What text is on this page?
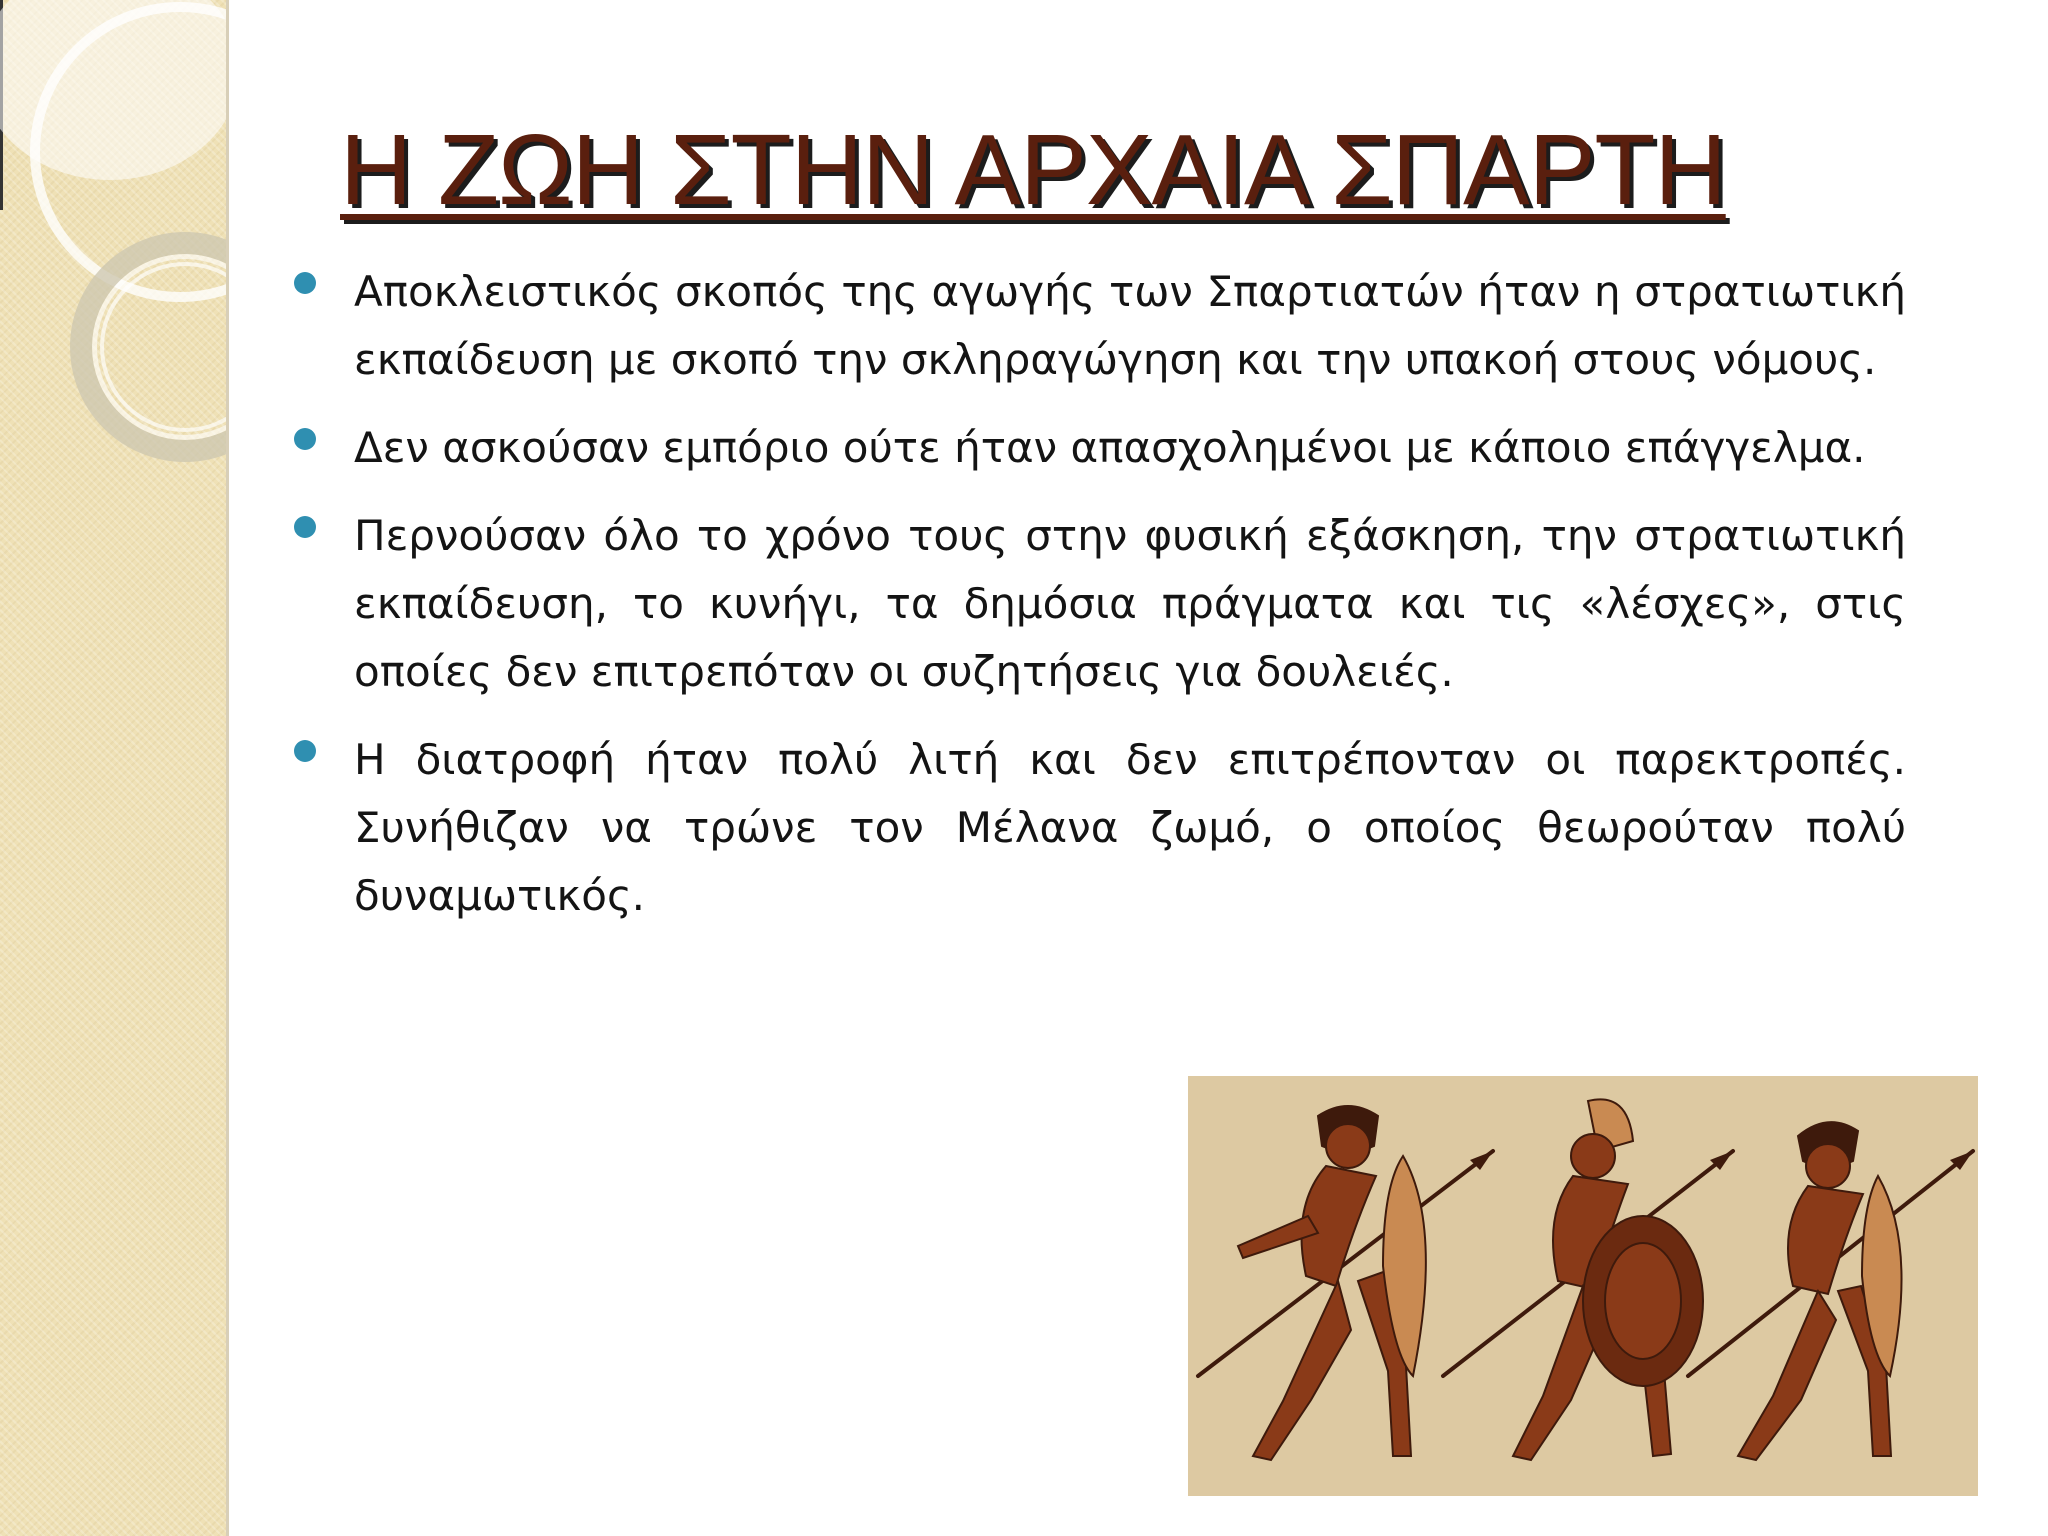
Η ΖΩΗ ΣΤΗΝ ΑΡΧΑΙΑ ΣΠΑΡΤΗ
Αποκλειστικός σκοπός της αγωγής των Σπαρτιατών ήταν η στρατιωτική εκπαίδευση με σκοπό την σκληραγώγηση και την υπακοή στους νόμους.
Δεν ασκούσαν εμπόριο ούτε ήταν απασχολημένοι με κάποιο επάγγελμα.
Περνούσαν όλο το χρόνο τους στην φυσική εξάσκηση, την στρατιωτική εκπαίδευση, το κυνήγι, τα δημόσια πράγματα και τις «λέσχες», στις οποίες δεν επιτρεπόταν οι συζητήσεις για δουλειές.
Η διατροφή ήταν πολύ λιτή και δεν επιτρέπονταν οι παρεκτροπές. Συνήθιζαν να τρώνε τον Μέλανα ζωμό, ο οποίος θεωρούταν πολύ δυναμωτικός.
